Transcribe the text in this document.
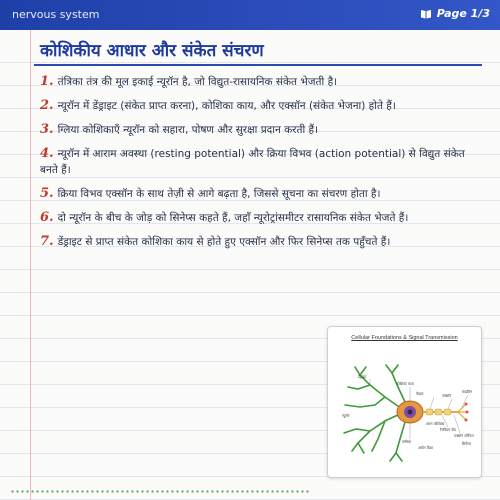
nervous system	Page 1/3
कोशिकीय आधार और संकेत संचरण
1. तंत्रिका तंत्र की मूल इकाई न्यूरॉन है, जो विद्युत-रासायनिक संकेत भेजती है।
2. न्यूरॉन में डेंड्राइट (संकेत प्राप्त करना), कोशिका काय, और एक्सॉन (संकेत भेजना) होते हैं।
3. ग्लिया कोशिकाएँ न्यूरॉन को सहारा, पोषण और सुरक्षा प्रदान करती हैं।
4. न्यूरॉन में आराम अवस्था (resting potential) और क्रिया विभव (action potential) से विद्युत संकेत बनते हैं।
5. क्रिया विभव एक्सॉन के साथ तेज़ी से आगे बढ़ता है, जिससे सूचना का संचरण होता है।
6. दो न्यूरॉन के बीच के जोड़ को सिनेप्स कहते हैं, जहाँ न्यूरोट्रांसमीटर रासायनिक संकेत भेजते हैं।
7. डेंड्राइट से प्राप्त संकेत कोशिका काय से होते हुए एक्सॉन और फिर सिनेप्स तक पहुँचते हैं।
Cellular Foundations & Signal Transmission
डेंड्राइट
कोशिका काय
केंद्रक	एक्सॉन
माइलिन
सिनेप्स
रैनवियर नोड
एक्सॉन टर्मिनल
श्वान कोशिका
नाभिक
आवेग दिशा
न्यूरॉन
